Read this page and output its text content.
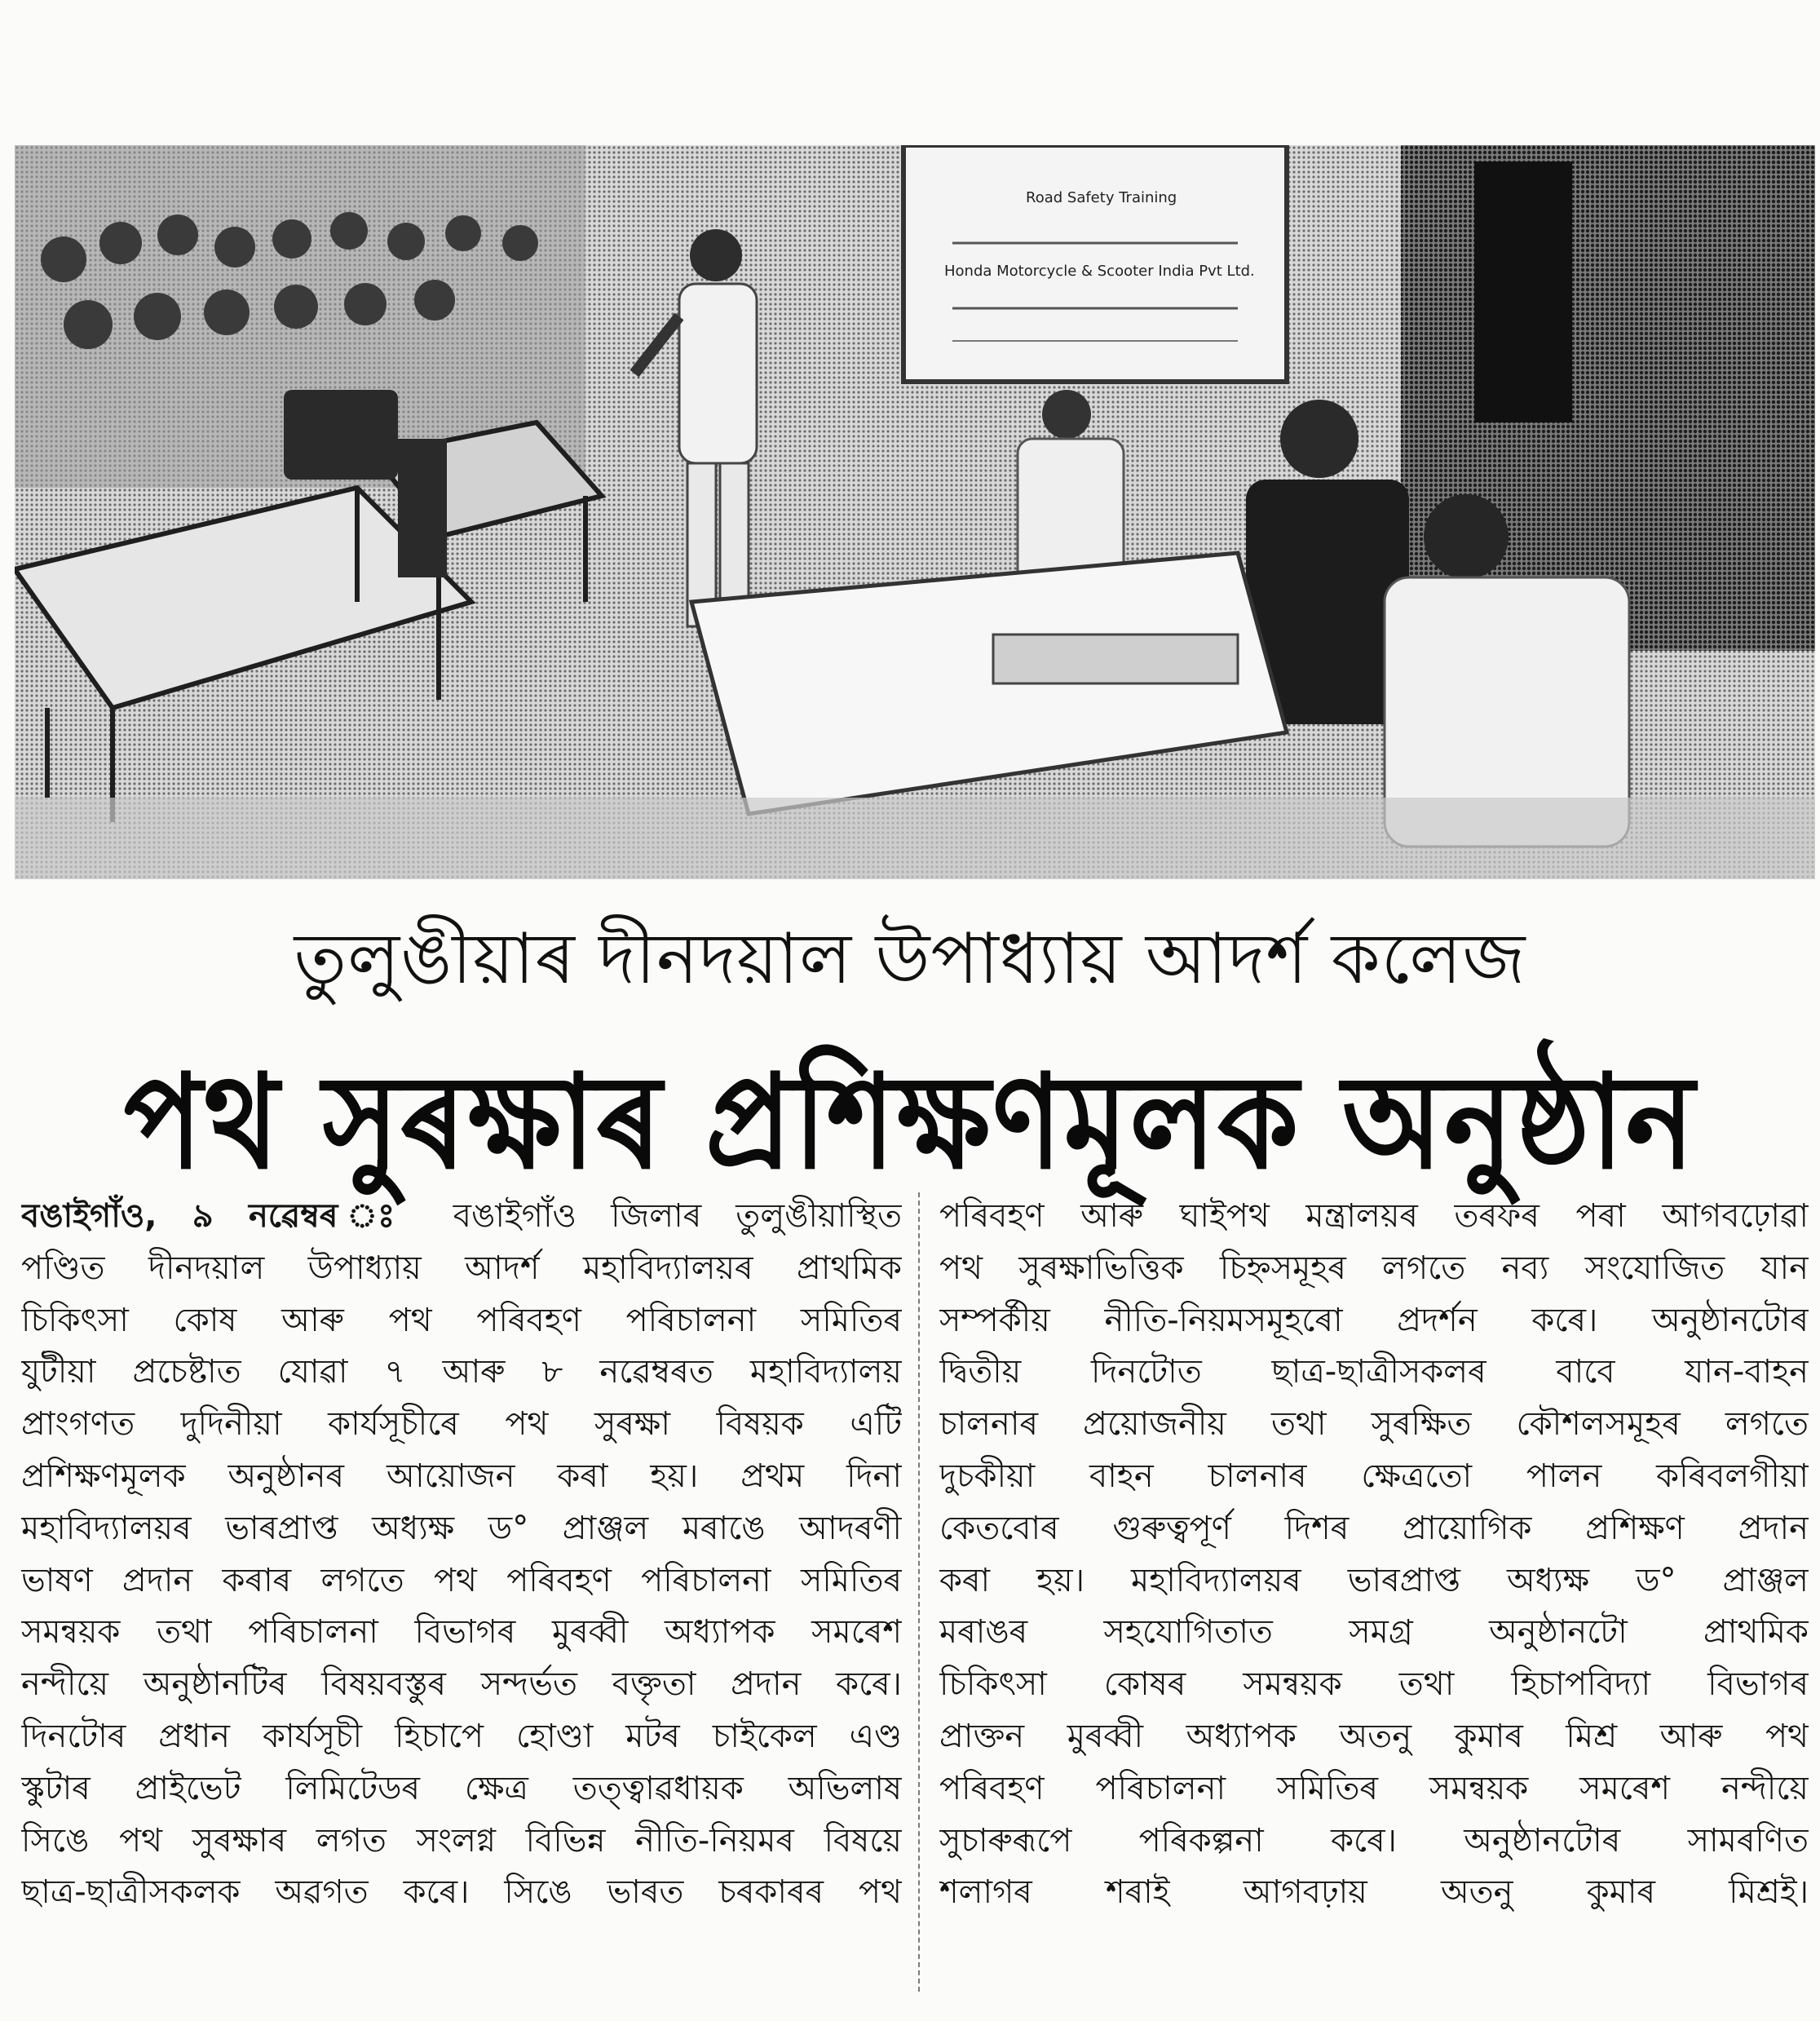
Road Safety Training
Honda Motorcycle & Scooter India Pvt Ltd.
তুলুঙীয়াৰ দীনদয়াল উপাধ্যায় আদৰ্শ কলেজ
পথ সুৰক্ষাৰ প্ৰশিক্ষণমূলক অনুষ্ঠান
বঙাইগাঁও, ৯ নৱেম্বৰ ঃ বঙাইগাঁও জিলাৰ তুলুঙীয়াস্থিত
পণ্ডিত দীনদয়াল উপাধ্যায় আদৰ্শ মহাবিদ্যালয়ৰ প্ৰাথমিক
চিকিৎসা কোষ আৰু পথ পৰিবহণ পৰিচালনা সমিতিৰ
যুটীয়া প্ৰচেষ্টাত যোৱা ৭ আৰু ৮ নৱেম্বৰত মহাবিদ্যালয়
প্ৰাংগণত দুদিনীয়া কাৰ্যসূচীৰে পথ সুৰক্ষা বিষয়ক এটি
প্ৰশিক্ষণমূলক অনুষ্ঠানৰ আয়োজন কৰা হয়। প্ৰথম দিনা
মহাবিদ্যালয়ৰ ভাৰপ্ৰাপ্ত অধ্যক্ষ ড° প্ৰাঞ্জল মৰাঙে আদৰণী
ভাষণ প্ৰদান কৰাৰ লগতে পথ পৰিবহণ পৰিচালনা সমিতিৰ
সমন্বয়ক তথা পৰিচালনা বিভাগৰ মুৰব্বী অধ্যাপক সমৰেশ
নন্দীয়ে অনুষ্ঠানটিৰ বিষয়বস্তুৰ সন্দৰ্ভত বক্তৃতা প্ৰদান কৰে।
দিনটোৰ প্ৰধান কাৰ্যসূচী হিচাপে হোণ্ডা মটৰ চাইকেল এণ্ড
স্কুটাৰ প্ৰাইভেট লিমিটেডৰ ক্ষেত্ৰ তত্ত্বাৱধায়ক অভিলাষ
সিঙে পথ সুৰক্ষাৰ লগত সংলগ্ন বিভিন্ন নীতি-নিয়মৰ বিষয়ে
ছাত্ৰ-ছাত্ৰীসকলক অৱগত কৰে। সিঙে ভাৰত চৰকাৰৰ পথ
পৰিবহণ আৰু ঘাইপথ মন্ত্ৰালয়ৰ তৰফৰ পৰা আগবঢ়োৱা
পথ সুৰক্ষাভিত্তিক চিহ্নসমূহৰ লগতে নব্য সংযোজিত যান
সম্পৰ্কীয় নীতি-নিয়মসমূহৰো প্ৰদৰ্শন কৰে। অনুষ্ঠানটোৰ
দ্বিতীয় দিনটোত ছাত্ৰ-ছাত্ৰীসকলৰ বাবে যান-বাহন
চালনাৰ প্ৰয়োজনীয় তথা সুৰক্ষিত কৌশলসমূহৰ লগতে
দুচকীয়া বাহন চালনাৰ ক্ষেত্ৰতো পালন কৰিবলগীয়া
কেতবোৰ গুৰুত্বপূৰ্ণ দিশৰ প্ৰায়োগিক প্ৰশিক্ষণ প্ৰদান
কৰা হয়। মহাবিদ্যালয়ৰ ভাৰপ্ৰাপ্ত অধ্যক্ষ ড° প্ৰাঞ্জল
মৰাঙৰ সহযোগিতাত সমগ্ৰ অনুষ্ঠানটো প্ৰাথমিক
চিকিৎসা কোষৰ সমন্বয়ক তথা হিচাপবিদ্যা বিভাগৰ
প্ৰাক্তন মুৰব্বী অধ্যাপক অতনু কুমাৰ মিশ্ৰ আৰু পথ
পৰিবহণ পৰিচালনা সমিতিৰ সমন্বয়ক সমৰেশ নন্দীয়ে
সুচাৰুৰূপে পৰিকল্পনা কৰে। অনুষ্ঠানটোৰ সামৰণিত
শলাগৰ শৰাই আগবঢ়ায় অতনু কুমাৰ মিশ্ৰই।
